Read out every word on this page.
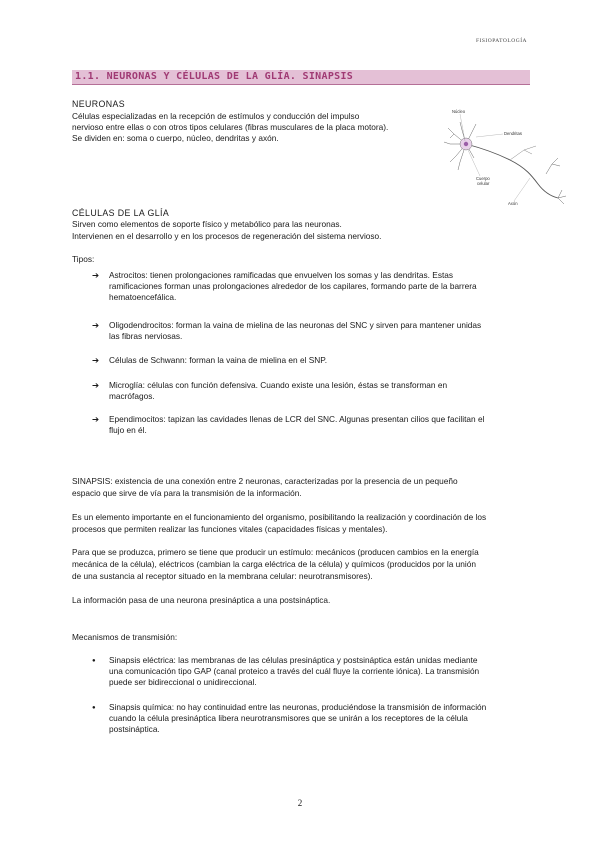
FISIOPATOLOGÍA
1.1. NEURONAS Y CÉLULAS DE LA GLÍA. SINAPSIS
NEURONAS
Células especializadas en la recepción de estímulos y conducción del impulso
nervioso entre ellas o con otros tipos celulares (fibras musculares de la placa motora).
Se dividen en: soma o cuerpo, núcleo, dendritas y axón.
Núcleo
Dendritas
Cuerpo
celular
Axón
CÉLULAS DE LA GLÍA
Sirven como elementos de soporte físico y metabólico para las neuronas.
Intervienen en el desarrollo y en los procesos de regeneración del sistema nervioso.
Tipos:
➔ Astrocitos: tienen prolongaciones ramificadas que envuelven los somas y las dendritas. Estas
ramificaciones forman unas prolongaciones alrededor de los capilares, formando parte de la barrera
hematoencefálica.
➔ Oligodendrocitos: forman la vaina de mielina de las neuronas del SNC y sirven para mantener unidas
las fibras nerviosas.
➔ Células de Schwann: forman la vaina de mielina en el SNP.
➔ Microglía: células con función defensiva. Cuando existe una lesión, éstas se transforman en
macrófagos.
➔ Ependimocitos: tapizan las cavidades llenas de LCR del SNC. Algunas presentan cilios que facilitan el
flujo en él.
SINAPSIS: existencia de una conexión entre 2 neuronas, caracterizadas por la presencia de un pequeño
espacio que sirve de vía para la transmisión de la información.
Es un elemento importante en el funcionamiento del organismo, posibilitando la realización y coordinación de los
procesos que permiten realizar las funciones vitales (capacidades físicas y mentales).
Para que se produzca, primero se tiene que producir un estímulo: mecánicos (producen cambios en la energía
mecánica de la célula), eléctricos (cambian la carga eléctrica de la célula) y químicos (producidos por la unión
de una sustancia al receptor situado en la membrana celular: neurotransmisores).
La información pasa de una neurona presináptica a una postsináptica.
Mecanismos de transmisión:
● Sinapsis eléctrica: las membranas de las células presináptica y postsináptica están unidas mediante
una comunicación tipo GAP (canal proteico a través del cuál fluye la corriente iónica). La transmisión
puede ser bidireccional o unidireccional.
● Sinapsis química: no hay continuidad entre las neuronas, produciéndose la transmisión de información
cuando la célula presináptica libera neurotransmisores que se unirán a los receptores de la célula
postsináptica.
2
